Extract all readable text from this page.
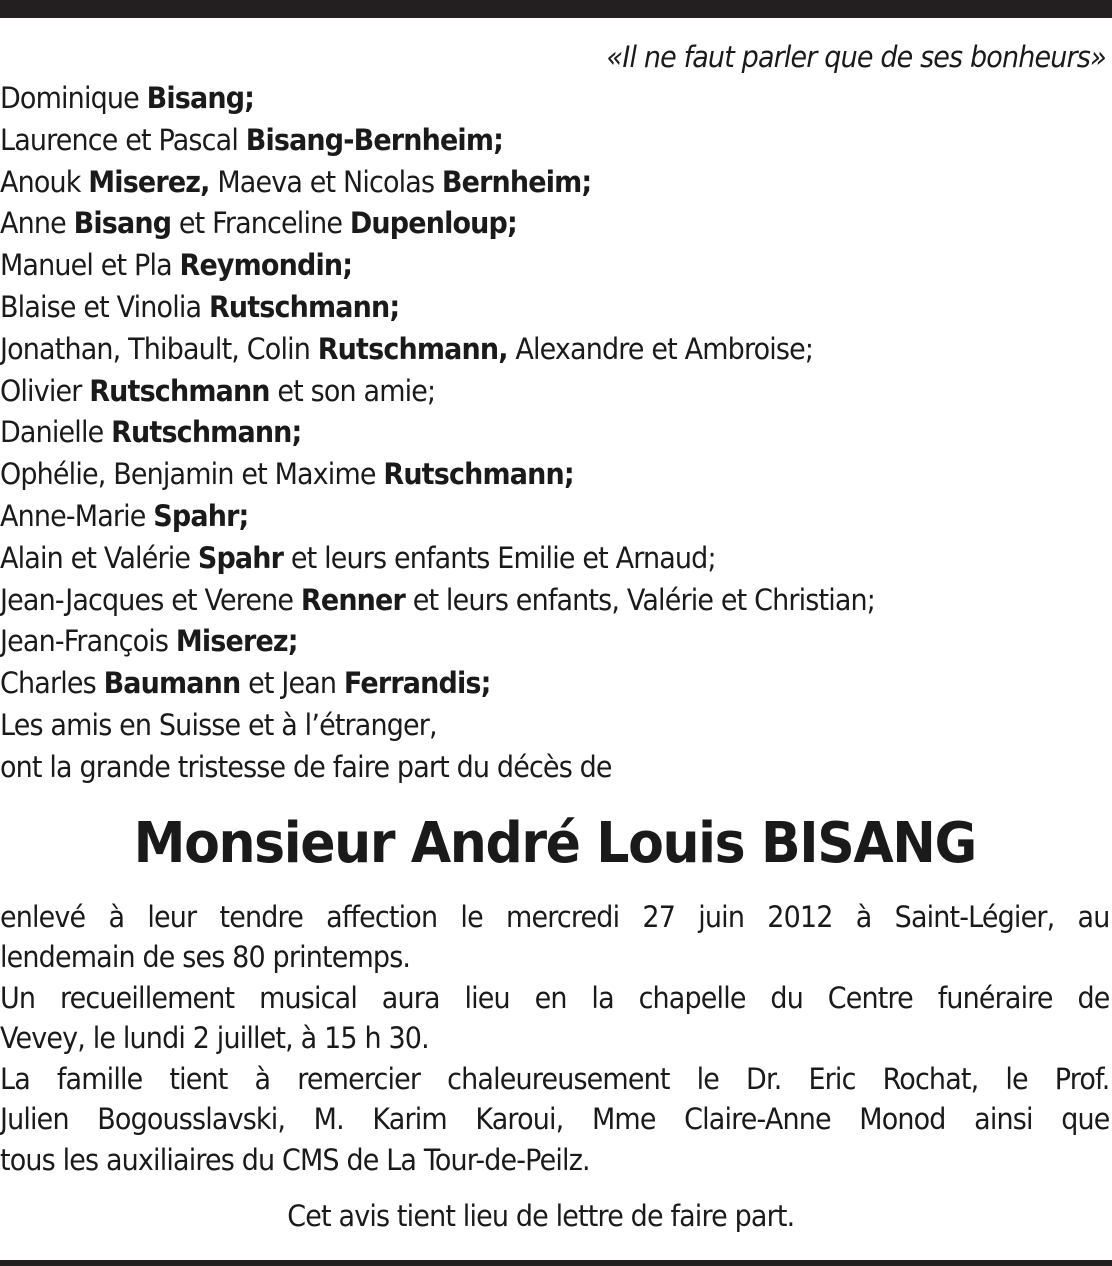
«Il ne faut parler que de ses bonheurs»
Dominique Bisang;
Laurence et Pascal Bisang-Bernheim;
Anouk Miserez, Maeva et Nicolas Bernheim;
Anne Bisang et Franceline Dupenloup;
Manuel et Pla Reymondin;
Blaise et Vinolia Rutschmann;
Jonathan, Thibault, Colin Rutschmann, Alexandre et Ambroise;
Olivier Rutschmann et son amie;
Danielle Rutschmann;
Ophélie, Benjamin et Maxime Rutschmann;
Anne-Marie Spahr;
Alain et Valérie Spahr et leurs enfants Emilie et Arnaud;
Jean-Jacques et Verene Renner et leurs enfants, Valérie et Christian;
Jean-François Miserez;
Charles Baumann et Jean Ferrandis;
Les amis en Suisse et à l’étranger,
ont la grande tristesse de faire part du décès de
Monsieur André Louis BISANG
enlevé à leur tendre affection le mercredi 27 juin 2012 à Saint-Légier, au
lendemain de ses 80 printemps.
Un recueillement musical aura lieu en la chapelle du Centre funéraire de
Vevey, le lundi 2 juillet, à 15 h 30.
La famille tient à remercier chaleureusement le Dr. Eric Rochat, le Prof.
Julien Bogousslavski, M. Karim Karoui, Mme Claire-Anne Monod ainsi que
tous les auxiliaires du CMS de La Tour-de-Peilz.
Cet avis tient lieu de lettre de faire part.
